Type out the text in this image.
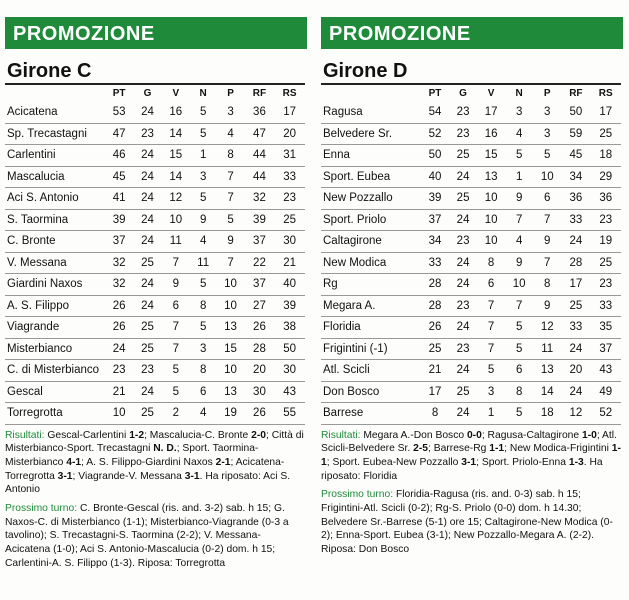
PROMOZIONE
Girone C
	PT	G	V	N	P	RF	RS
Acicatena	53	24	16	5	3	36	17
Sp. Trecastagni	47	23	14	5	4	47	20
Carlentini	46	24	15	1	8	44	31
Mascalucia	45	24	14	3	7	44	33
Aci S. Antonio	41	24	12	5	7	32	23
S. Taormina	39	24	10	9	5	39	25
C. Bronte	37	24	11	4	9	37	30
V. Messana	32	25	7	11	7	22	21
Giardini Naxos	32	24	9	5	10	37	40
A. S. Filippo	26	24	6	8	10	27	39
Viagrande	26	25	7	5	13	26	38
Misterbianco	24	25	7	3	15	28	50
C. di Misterbianco	23	23	5	8	10	20	30
Gescal	21	24	5	6	13	30	43
Torregrotta	10	25	2	4	19	26	55

Risultati: Gescal-Carlentini 1-2; Mascalucia-C. Bronte 2-0; Città di Misterbianco-Sport. Trecastagni N. D.; Sport. Taormina-Misterbianco 4-1; A. S. Filippo-Giardini Naxos 2-1; Acicatena-Torregrotta 3-1; Viagrande-V. Messana 3-1. Ha riposato: Aci S. Antonio

Prossimo turno: C. Bronte-Gescal (ris. and. 3-2) sab. h 15; G. Naxos-C. di Misterbianco (1-1); Misterbianco-Viagrande (0-3 a tavolino); S. Trecastagni-S. Taormina (2-2); V. Messana-Acicatena (1-0); Aci S. Antonio-Mascalucia (0-2) dom. h 15; Carlentini-A. S. Filippo (1-3). Riposa: Torregrotta

PROMOZIONE
Girone D
	PT	G	V	N	P	RF	RS
Ragusa	54	23	17	3	3	50	17
Belvedere Sr.	52	23	16	4	3	59	25
Enna	50	25	15	5	5	45	18
Sport. Eubea	40	24	13	1	10	34	29
New Pozzallo	39	25	10	9	6	36	36
Sport. Priolo	37	24	10	7	7	33	23
Caltagirone	34	23	10	4	9	24	19
New Modica	33	24	8	9	7	28	25
Rg	28	24	6	10	8	17	23
Megara A.	28	23	7	7	9	25	33
Floridia	26	24	7	5	12	33	35
Frigintini (-1)	25	23	7	5	11	24	37
Atl. Scicli	21	24	5	6	13	20	43
Don Bosco	17	25	3	8	14	24	49
Barrese	8	24	1	5	18	12	52

Risultati: Megara A.-Don Bosco 0-0; Ragusa-Caltagirone 1-0; Atl. Scicli-Belvedere Sr. 2-5; Barrese-Rg 1-1; New Modica-Frigintini 1-1; Sport. Eubea-New Pozzallo 3-1; Sport. Priolo-Enna 1-3. Ha riposato: Floridia

Prossimo turno: Floridia-Ragusa (ris. and. 0-3) sab. h 15; Frigintini-Atl. Scicli (0-2); Rg-S. Priolo (0-0) dom. h 14.30; Belvedere Sr.-Barrese (5-1) ore 15; Caltagirone-New Modica (0-2); Enna-Sport. Eubea (3-1); New Pozzallo-Megara A. (2-2). Riposa: Don Bosco
